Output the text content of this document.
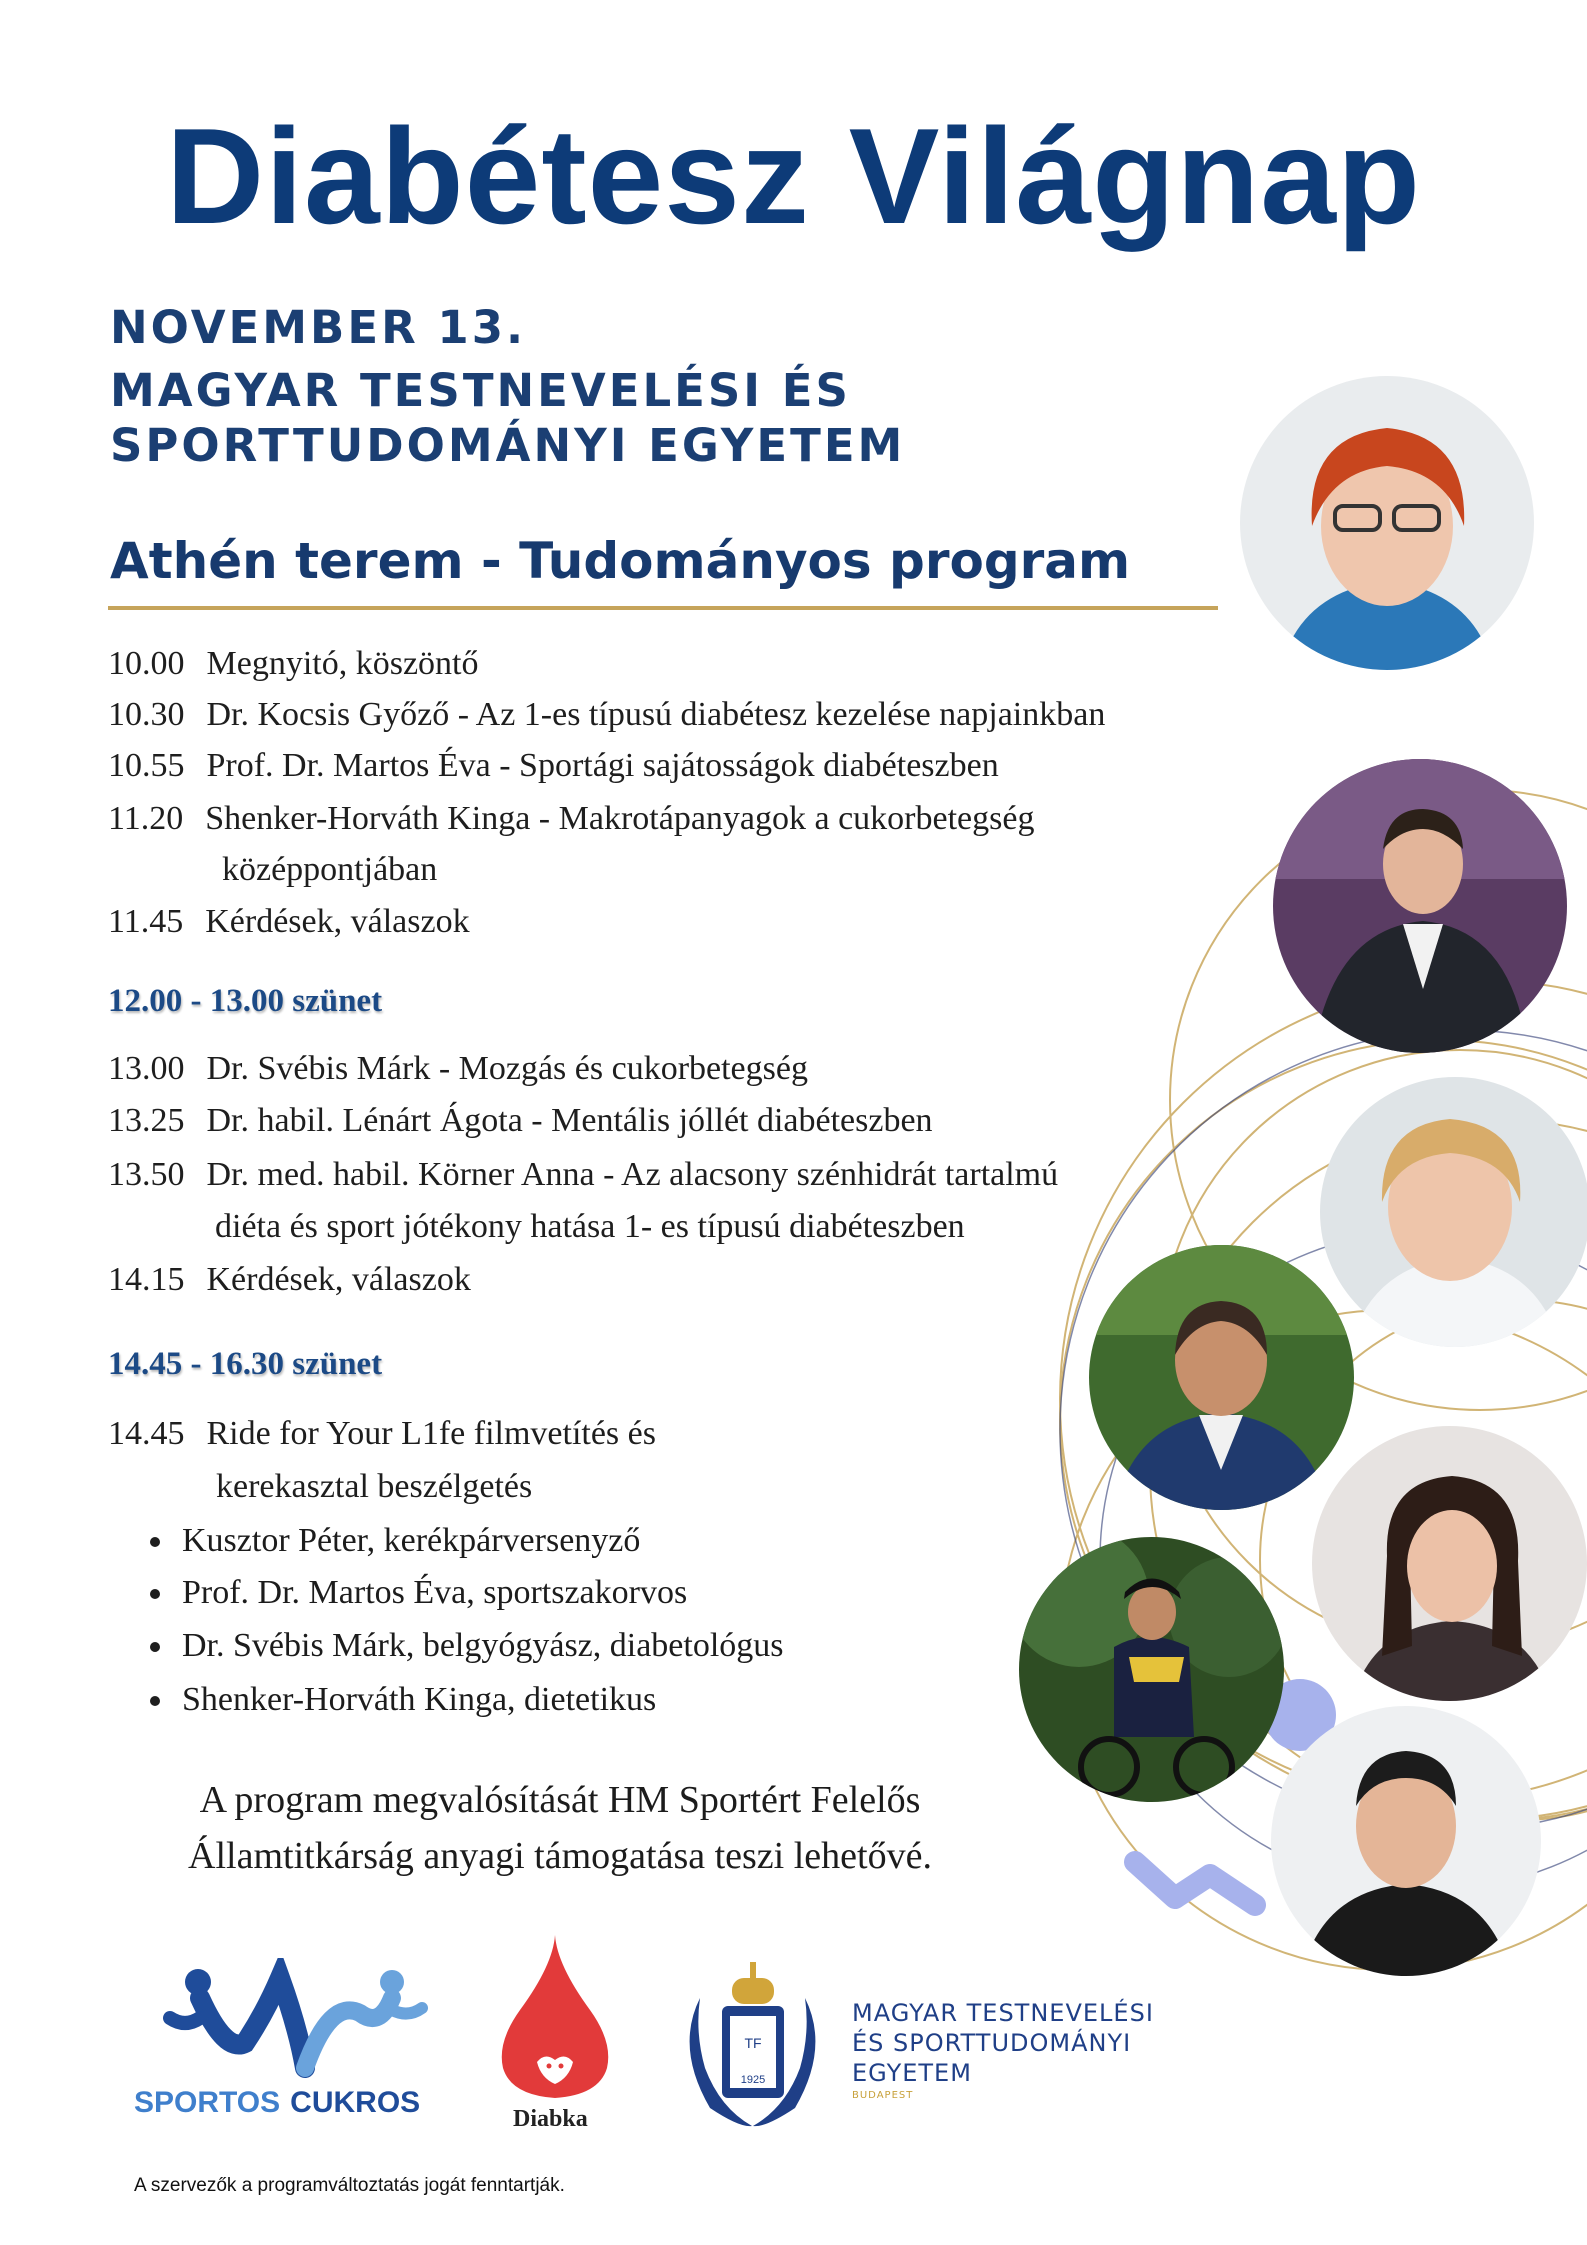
Diabétesz Világnap
NOVEMBER 13.
MAGYAR TESTNEVELÉSI ÉS
SPORTTUDOMÁNYI EGYETEM
Athén terem - Tudományos program
10.00 Megnyitó, köszöntő
10.30 Dr. Kocsis Győző - Az 1-es típusú diabétesz kezelése napjainkban
10.55 Prof. Dr. Martos Éva - Sportági sajátosságok diabéteszben
11.20 Shenker-Horváth Kinga - Makrotápanyagok a cukorbetegség
középpontjában
11.45 Kérdések, válaszok
12.00 - 13.00 szünet
13.00 Dr. Svébis Márk - Mozgás és cukorbetegség
13.25 Dr. habil. Lénárt Ágota - Mentális jóllét diabéteszben
13.50 Dr. med. habil. Körner Anna - Az alacsony szénhidrát tartalmú
diéta és sport jótékony hatása 1- es típusú diabéteszben
14.15 Kérdések, válaszok
14.45 - 16.30 szünet
14.45 Ride for Your L1fe filmvetítés és
kerekasztal beszélgetés
Kusztor Péter, kerékpárversenyző
Prof. Dr. Martos Éva, sportszakorvos
Dr. Svébis Márk, belgyógyász, diabetológus
Shenker-Horváth Kinga, dietetikus
A program megvalósítását HM Sportért Felelős
Államtitkárság anyagi támogatása teszi lehetővé.
SPORTOS CUKROS	Diabka
TF
1925
MAGYAR TESTNEVELÉSI
ÉS SPORTTUDOMÁNYI
EGYETEM
BUDAPEST
A szervezők a programváltoztatás jogát fenntartják.
